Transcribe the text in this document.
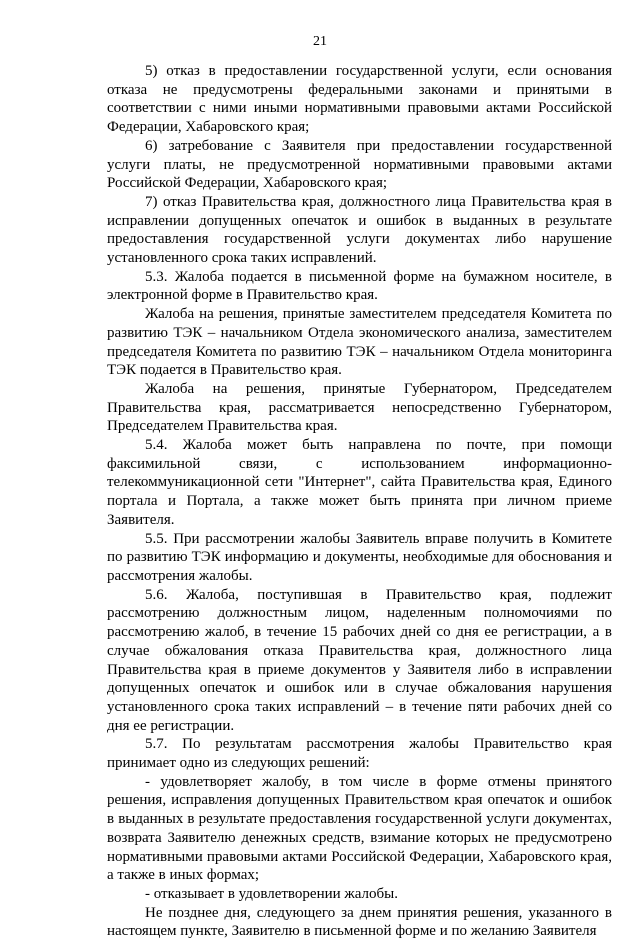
21

5) отказ в предоставлении государственной услуги, если основания отказа не предусмотрены федеральными законами и принятыми в соответствии с ними иными нормативными правовыми актами Российской Федерации, Хабаровского края;

6) затребование с Заявителя при предоставлении государственной услуги платы, не предусмотренной нормативными правовыми актами Российской Федерации, Хабаровского края;

7) отказ Правительства края, должностного лица Правительства края в исправлении допущенных опечаток и ошибок в выданных в результате предоставления государственной услуги документах либо нарушение установленного срока таких исправлений.

5.3. Жалоба подается в письменной форме на бумажном носителе, в электронной форме в Правительство края.

Жалоба на решения, принятые заместителем председателя Комитета по развитию ТЭК – начальником Отдела экономического анализа, заместителем председателя Комитета по развитию ТЭК – начальником Отдела мониторинга ТЭК подается в Правительство края.

Жалоба на решения, принятые Губернатором, Председателем Правительства края, рассматривается непосредственно Губернатором, Председателем Правительства края.

5.4. Жалоба может быть направлена по почте, при помощи факсимильной связи, с использованием информационно-телекоммуникационной сети "Интернет", сайта Правительства края, Единого портала и Портала, а также может быть принята при личном приеме Заявителя.

5.5. При рассмотрении жалобы Заявитель вправе получить в Комитете по развитию ТЭК информацию и документы, необходимые для обоснования и рассмотрения жалобы.

5.6. Жалоба, поступившая в Правительство края, подлежит рассмотрению должностным лицом, наделенным полномочиями по рассмотрению жалоб, в течение 15 рабочих дней со дня ее регистрации, а в случае обжалования отказа Правительства края, должностного лица Правительства края в приеме документов у Заявителя либо в исправлении допущенных опечаток и ошибок или в случае обжалования нарушения установленного срока таких исправлений – в течение пяти рабочих дней со дня ее регистрации.

5.7. По результатам рассмотрения жалобы Правительство края принимает одно из следующих решений:

- удовлетворяет жалобу, в том числе в форме отмены принятого решения, исправления допущенных Правительством края опечаток и ошибок в выданных в результате предоставления государственной услуги документах, возврата Заявителю денежных средств, взимание которых не предусмотрено нормативными правовыми актами Российской Федерации, Хабаровского края, а также в иных формах;

- отказывает в удовлетворении жалобы.

Не позднее дня, следующего за днем принятия решения, указанного в настоящем пункте, Заявителю в письменной форме и по желанию Заявителя
